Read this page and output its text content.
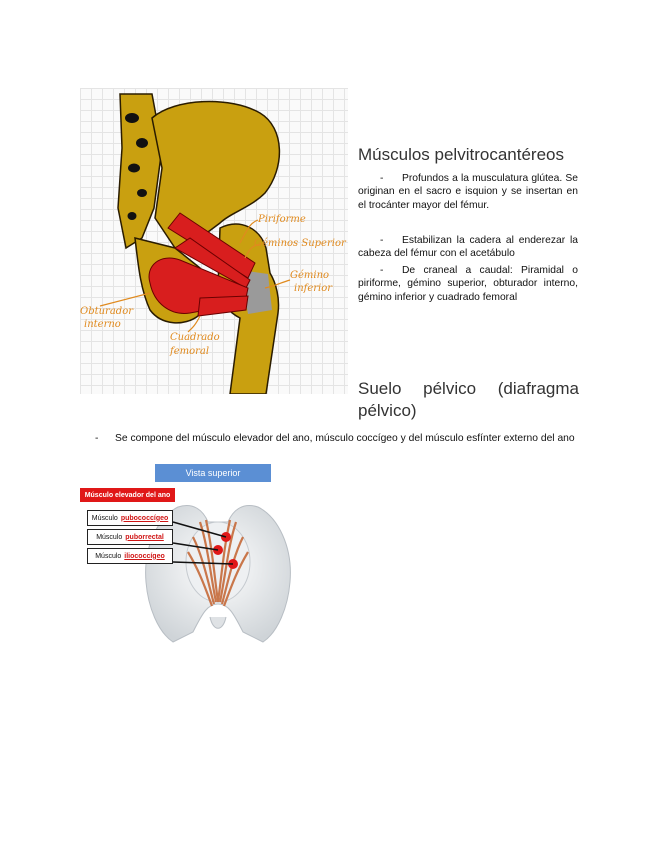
Piriforme
Géminos Superior
Gémino
inferior
Obturador
interno
Cuadrado
femoral
Músculos pelvitrocantéreos

- Profundos a la musculatura glútea. Se originan en el sacro e isquion y se insertan en el trocánter mayor del fémur.

- Estabilizan la cadera al enderezar la cabeza del fémur con el acetábulo

- De craneal a caudal: Piramidal o piriforme, gémino superior, obturador interno, gémino inferior y cuadrado femoral

Suelo pélvico (diafragma
pélvico)
- Se compone del músculo elevador del ano, músculo coccígeo y del músculo esfínter externo del ano
Vista superior
Músculo elevador del ano
Músculo pubococcígeo
Músculo puborrectal
Músculo iliococcígeo
